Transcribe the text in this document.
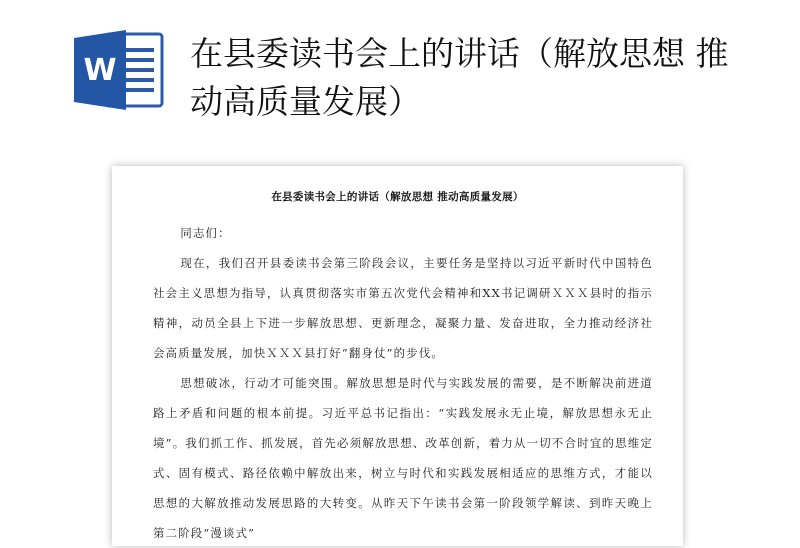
W 在县委读书会上的讲话（解放思想 推动高质量发展）
在县委读书会上的讲话（解放思想 推动高质量发展）

同志们：

现在，我们召开县委读书会第三阶段会议，主要任务是坚持以习近平新时代中国特色社会主义思想为指导，认真贯彻落实市第五次党代会精神和XX书记调研ＸＸＸ县时的指示精神，动员全县上下进一步解放思想、更新理念，凝聚力量、发奋进取，全力推动经济社会高质量发展，加快ＸＸＸ县打好“翻身仗”的步伐。

思想破冰，行动才可能突围。解放思想是时代与实践发展的需要，是不断解决前进道路上矛盾和问题的根本前提。习近平总书记指出：“实践发展永无止境，解放思想永无止境”。我们抓工作、抓发展，首先必须解放思想、改革创新，着力从一切不合时宜的思维定式、固有模式、路径依赖中解放出来，树立与时代和实践发展相适应的思维方式，才能以思想的大解放推动发展思路的大转变。从昨天下午读书会第一阶段领学解读、到昨天晚上第二阶段“漫谈式”
